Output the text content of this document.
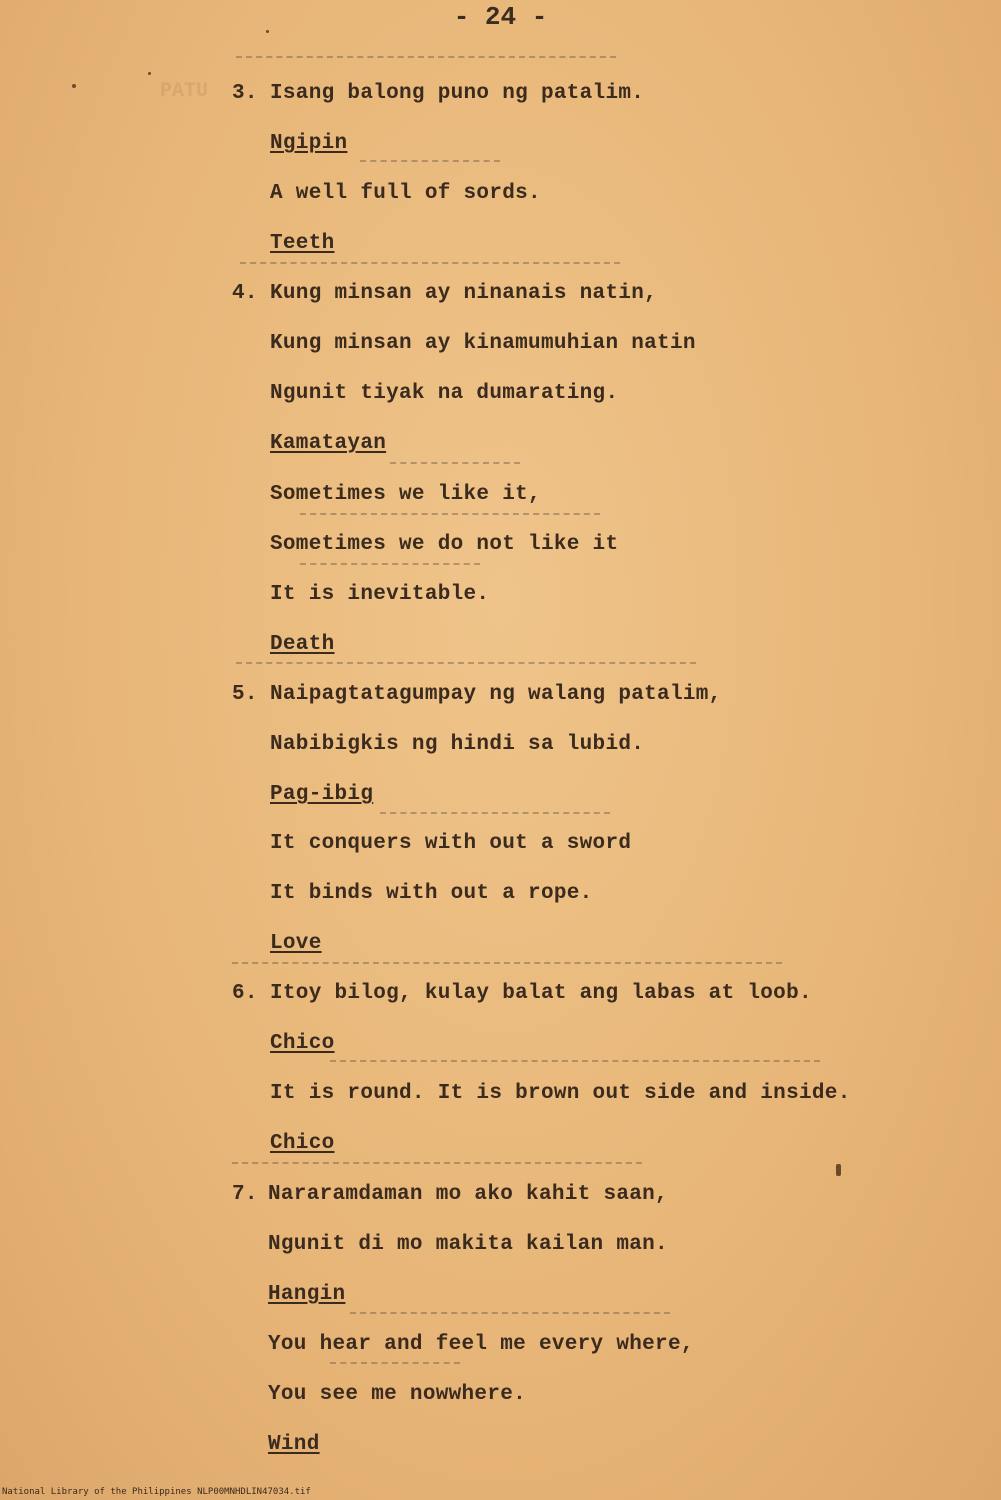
- 24 -
PATU 3. Isang balong puno ng patalim.
Ngipin
A well full of sords.
Teeth
4. Kung minsan ay ninanais natin,
Kung minsan ay kinamumuhian natin
Ngunit tiyak na dumarating.
Kamatayan
Sometimes we like it,
Sometimes we do not like it
It is inevitable.
Death
5. Naipagtatagumpay ng walang patalim,
Nabibigkis ng hindi sa lubid.
Pag-ibig
It conquers with out a sword
It binds with out a rope.
Love
6. Itoy bilog, kulay balat ang labas at loob.
Chico
It is round. It is brown out side and inside.
Chico
7. Nararamdaman mo ako kahit saan,
Ngunit di mo makita kailan man.
Hangin
You hear and feel me every where,
You see me nowwhere.
Wind
National Library of the Philippines NLP00MNHDLIN47034.tif
